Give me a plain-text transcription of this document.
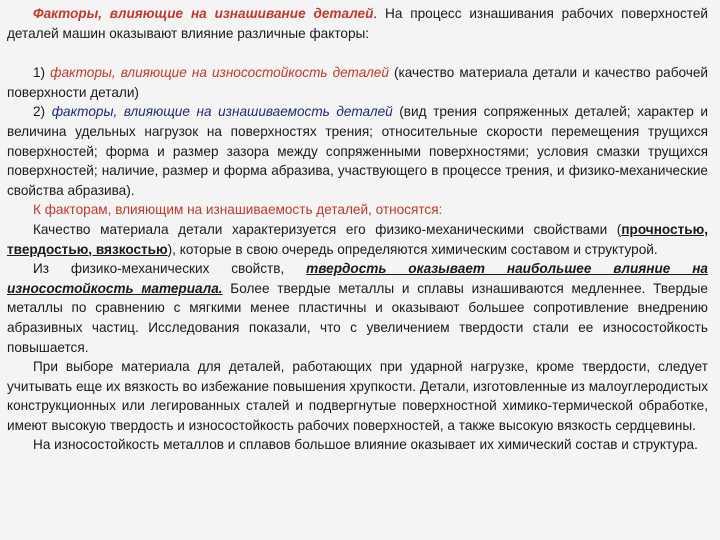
Факторы, влияющие на изнашивание деталей. На процесс изнашивания рабочих поверхностей деталей машин оказывают влияние различные факторы:

1) факторы, влияющие на износостойкость деталей (качество материала детали и качество рабочей поверхности детали)

2) факторы, влияющие на изнашиваемость деталей (вид трения сопряженных деталей; характер и величина удельных нагрузок на поверхностях трения; относительные скорости перемещения трущихся поверхностей; форма и размер зазора между сопряженными поверхностями; условия смазки трущихся поверхностей; наличие, размер и форма абразива, участвующего в процессе трения, и физико-механические свойства абразива).

К факторам, влияющим на изнашиваемость деталей, относятся:

Качество материала детали характеризуется его физико-механическими свойствами (прочностью, твердостью, вязкостью), которые в свою очередь определяются химическим составом и структурой.

Из физико-механических свойств, твердость оказывает наибольшее влияние на износостойкость материала. Более твердые металлы и сплавы изнашиваются медленнее. Твердые металлы по сравнению с мягкими менее пластичны и оказывают большее сопротивление внедрению абразивных частиц. Исследования показали, что с увеличением твердости стали ее износостойкость повышается.

При выборе материала для деталей, работающих при ударной нагрузке, кроме твердости, следует учитывать еще их вязкость во избежание повышения хрупкости. Детали, изготовленные из малоуглеродистых конструкционных или легированных сталей и подвергнутые поверхностной химико-термической обработке, имеют высокую твердость и износостойкость рабочих поверхностей, а также высокую вязкость сердцевины.

На износостойкость металлов и сплавов большое влияние оказывает их химический состав и структура.
